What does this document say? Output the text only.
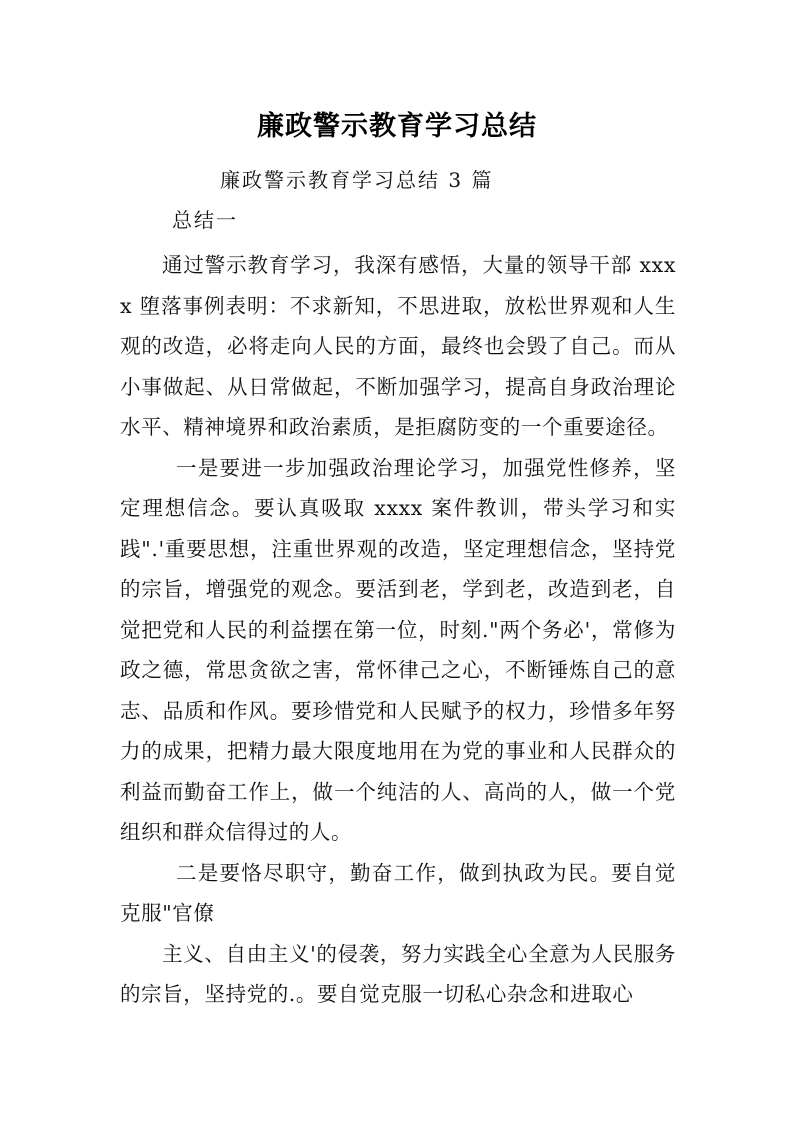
廉政警示教育学习总结
廉政警示教育学习总结 3 篇
总结一

通过警示教育学习，我深有感悟，大量的领导干部 xxxx 堕落事例表明：不求新知，不思进取，放松世界观和人生观的改造，必将走向人民的方面，最终也会毁了自己。而从小事做起、从日常做起，不断加强学习，提高自身政治理论水平、精神境界和政治素质，是拒腐防变的一个重要途径。

一是要进一步加强政治理论学习，加强党性修养，坚定理想信念。要认真吸取 xxxx 案件教训，带头学习和实践".'重要思想，注重世界观的改造，坚定理想信念，坚持党的宗旨，增强党的观念。要活到老，学到老，改造到老，自觉把党和人民的利益摆在第一位，时刻."两个务必'，常修为政之德，常思贪欲之害，常怀律己之心，不断锤炼自己的意志、品质和作风。要珍惜党和人民赋予的权力，珍惜多年努力的成果，把精力最大限度地用在为党的事业和人民群众的利益而勤奋工作上，做一个纯洁的人、高尚的人，做一个党组织和群众信得过的人。

二是要恪尽职守，勤奋工作，做到执政为民。要自觉克服"官僚

主义、自由主义'的侵袭，努力实践全心全意为人民服务的宗旨，坚持党的.。要自觉克服一切私心杂念和进取心
